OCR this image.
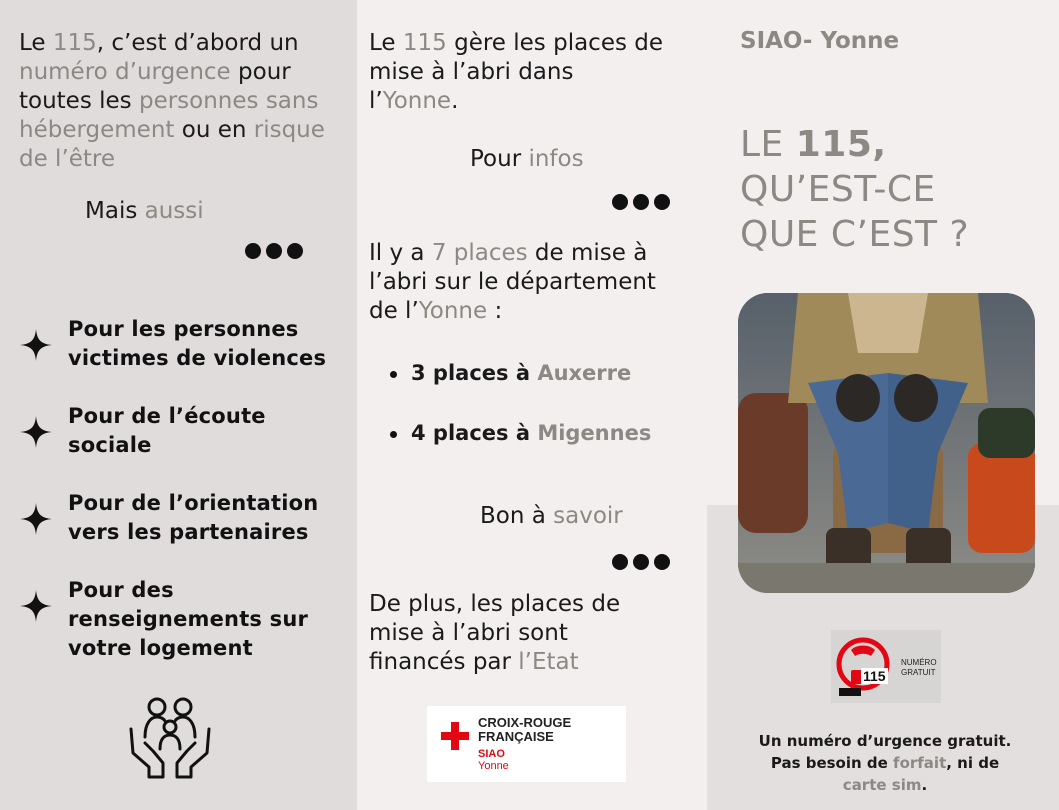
Le 115, c’est d’abord un
numéro d’urgence pour
toutes les personnes sans
hébergement ou en risque
de l’être
Mais aussi
Pour les personnes
victimes de violences
Pour de l’écoute
sociale
Pour de l’orientation
vers les partenaires
Pour des
renseignements sur
votre logement
Le 115 gère les places de
mise à l’abri dans
l’Yonne.
Pour infos
Il y a 7 places de mise à
l’abri sur le département
de l’Yonne :
3 places à Auxerre
4 places à Migennes
Bon à savoir
De plus, les places de
mise à l’abri sont
financés par l’Etat
CROIX-ROUGE
FRANÇAISE
SIAO
Yonne
SIAO- Yonne
LE 115,
QU’EST-CE
QUE C’EST ?
115
NUMÉRO
GRATUIT
Un numéro d’urgence gratuit.
Pas besoin de forfait, ni de
carte sim.
